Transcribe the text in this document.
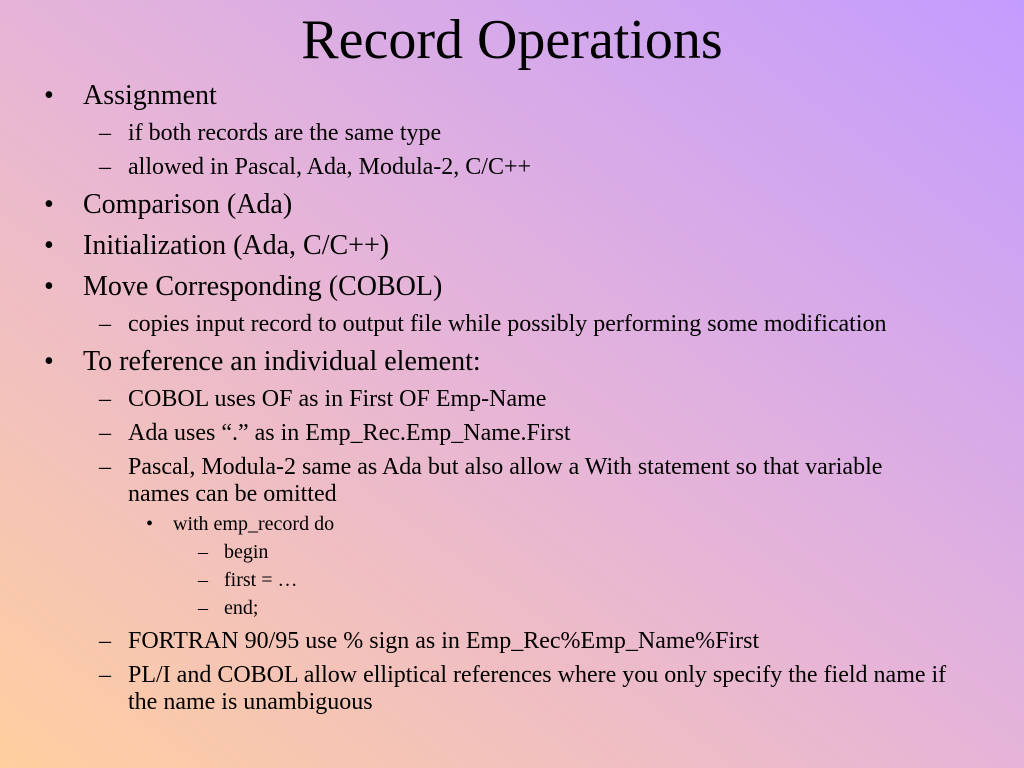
Record Operations
• Assignment
– if both records are the same type
– allowed in Pascal, Ada, Modula-2, C/C++
• Comparison (Ada)
• Initialization (Ada, C/C++)
• Move Corresponding (COBOL)
– copies input record to output file while possibly performing some modification
• To reference an individual element:
– COBOL uses OF as in First OF Emp-Name
– Ada uses “.” as in Emp_Rec.Emp_Name.First
– Pascal, Modula-2 same as Ada but also allow a With statement so that variable names can be omitted
• with emp_record do
– begin
– first = …
– end;
– FORTRAN 90/95 use % sign as in Emp_Rec%Emp_Name%First
– PL/I and COBOL allow elliptical references where you only specify the field name if the name is unambiguous
